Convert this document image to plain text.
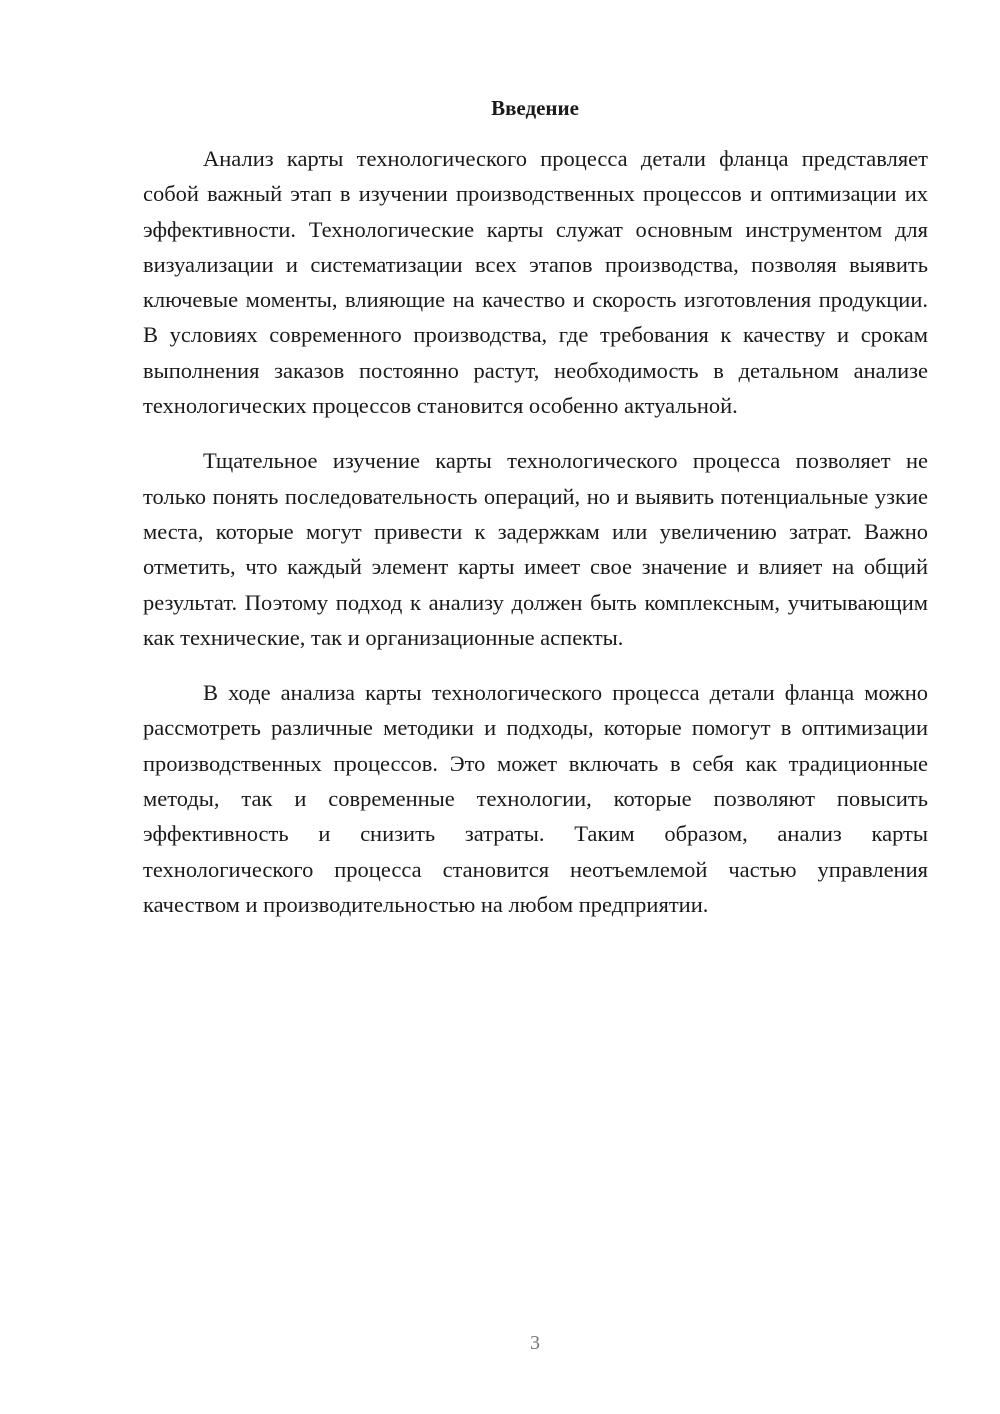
Введение

Анализ карты технологического процесса детали фланца представляет собой важный этап в изучении производственных процессов и оптимизации их эффективности. Технологические карты служат основным инструментом для визуализации и систематизации всех этапов производства, позволяя выявить ключевые моменты, влияющие на качество и скорость изготовления продукции. В условиях современного производства, где требования к качеству и срокам выполнения заказов постоянно растут, необходимость в детальном анализе технологических процессов становится особенно актуальной.

Тщательное изучение карты технологического процесса позволяет не только понять последовательность операций, но и выявить потенциальные узкие места, которые могут привести к задержкам или увеличению затрат. Важно отметить, что каждый элемент карты имеет свое значение и влияет на общий результат. Поэтому подход к анализу должен быть комплексным, учитывающим как технические, так и организационные аспекты.

В ходе анализа карты технологического процесса детали фланца можно рассмотреть различные методики и подходы, которые помогут в оптимизации производственных процессов. Это может включать в себя как традиционные методы, так и современные технологии, которые позволяют повысить эффективность и снизить затраты. Таким образом, анализ карты технологического процесса становится неотъемлемой частью управления качеством и производительностью на любом предприятии.

3
